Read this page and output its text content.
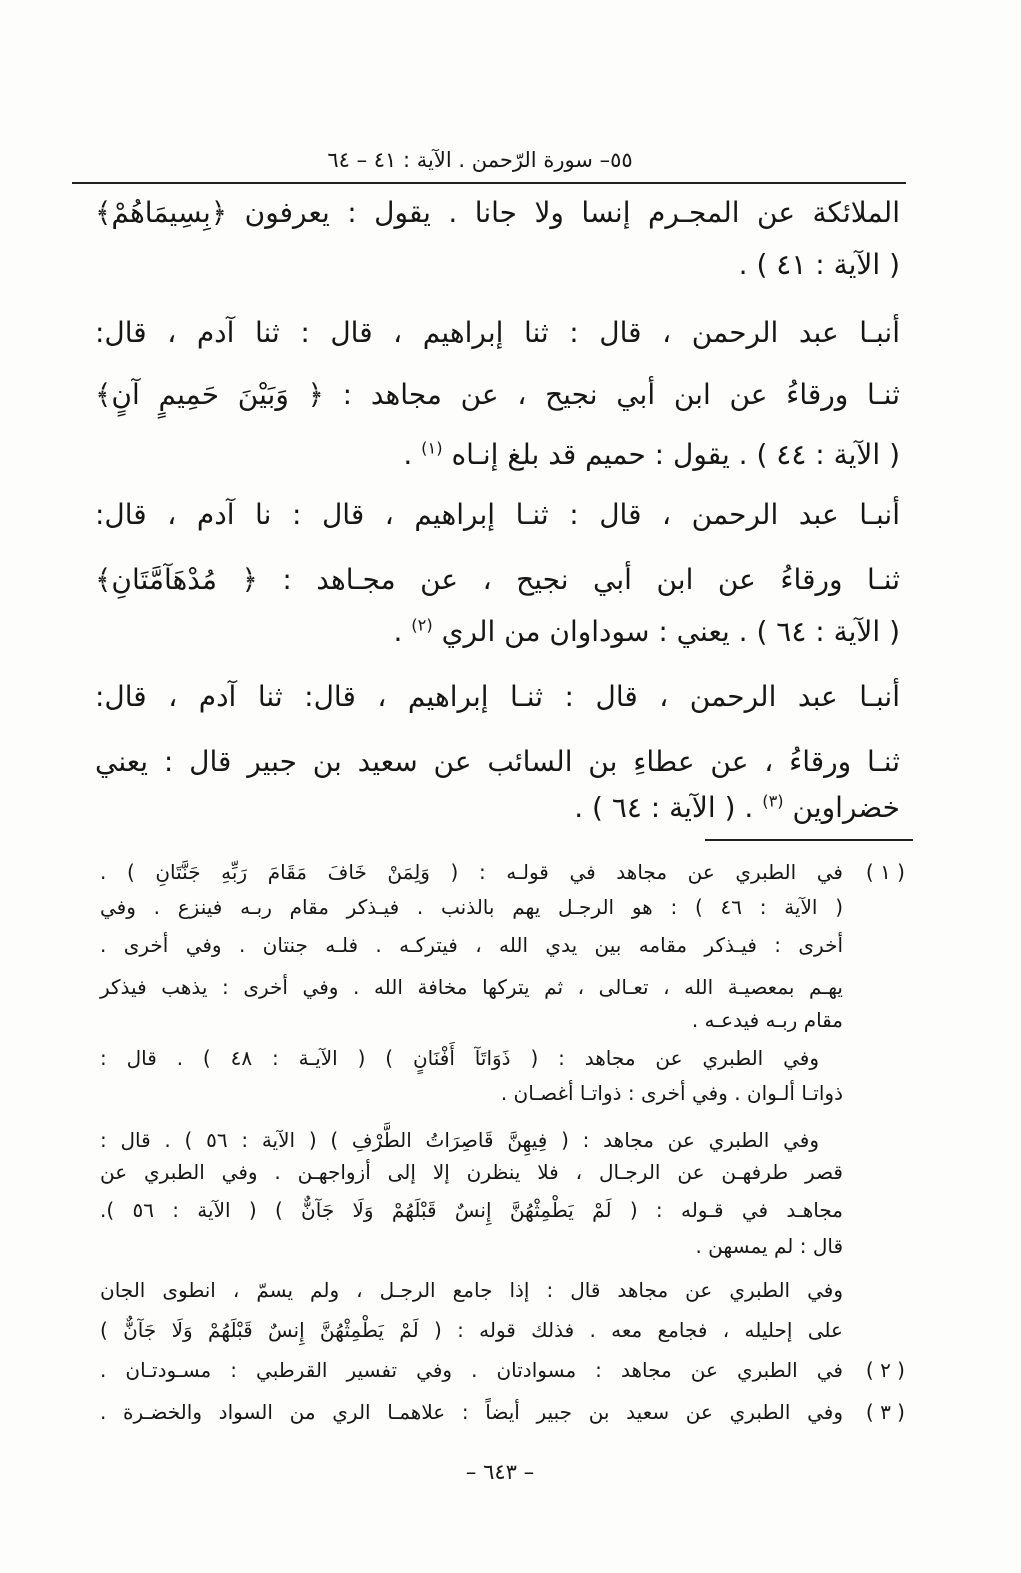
٥٥– سورة الرّحمن . الآية : ٤١ – ٦٤
الملائكة عن المجـرم إنسا ولا جانا . يقول : يعرفون ﴿بِسِيمَاهُمْ﴾
( الآية : ٤١ ) .
أنبـا عبد الرحمن ، قال : ثنا إبراهيم ، قال : ثنا آدم ، قال:
ثنـا ورقاءُ عن ابن أبي نجيح ، عن مجاهد : ﴿ وَبَيْنَ حَمِيمٍ آنٍ﴾
( الآية : ٤٤ ) . يقول : حميم قد بلغ إنـاه $^{(١)}$ .
أنبـا عبد الرحمن ، قال : ثنـا إبراهيم ، قال : نا آدم ، قال:
ثنـا ورقاءُ عن ابن أبي نجيح ، عن مجـاهد : ﴿ مُدْهَآمَّتَانِ﴾
( الآية : ٦٤ ) . يعني : سوداوان من الري $^{(٢)}$ .
أنبـا عبد الرحمن ، قال : ثنـا إبراهيم ، قال: ثنا آدم ، قال:
ثنـا ورقاءُ ، عن عطاءِ بن السائب عن سعيد بن جبير قال : يعني
خضراوين $^{(٣)}$ . ( الآية : ٦٤ ) .
( ١ )
في الطبري عن مجاهد في قولـه : ( وَلِمَنْ خَافَ مَقَامَ رَبِّهِ جَنَّتَانِ ) .
( الآية : ٤٦ ) : هو الرجـل يهم بالذنب . فيـذكر مقام ربـه فينزع . وفي
أخرى : فيـذكر مقامه بين يدي الله ، فيتركـه . فلـه جنتان . وفي أخرى .
يهـم بمعصيـة الله ، تعـالى ، ثم يتركها مخافة الله . وفي أخرى : يذهب فيذكر
مقام ربـه فيدعـه .
وفي الطبري عن مجاهد : ( ذَوَاتَآ أَفْنَانٍ ) ( الآيـة : ٤٨ ) . قال :
ذواتـا ألـوان . وفي أخرى : ذواتـا أغصـان .
وفي الطبري عن مجاهد : ( فِيهِنَّ قَاصِرَاتُ الطَّرْفِ ) ( الآية : ٥٦ ) . قال :
قصر طرفهـن عن الرجـال ، فلا ينظرن إلا إلى أزواجهـن . وفي الطبري عن
مجاهـد في قـوله : ( لَمْ يَطْمِثْهُنَّ إِنسٌ قَبْلَهُمْ وَلَا جَآنٌّ ) ( الآية : ٥٦ ).
قال : لم يمسهن .
وفي الطبري عن مجاهد قال : إذا جامع الرجـل ، ولم يسمّ ، انطوى الجان
على إحليله ، فجامع معه . فذلك قوله : ( لَمْ يَطْمِثْهُنَّ إِنسٌ قَبْلَهُمْ وَلَا جَآنٌّ )
( ٢ )
في الطبري عن مجاهد : مسوادتان . وفي تفسير القرطبي : مسـودتـان .
( ٣ )
وفي الطبري عن سعيد بن جبير أيضاً : علاهمـا الري من السواد والخضـرة .
– ٦٤٣ –
